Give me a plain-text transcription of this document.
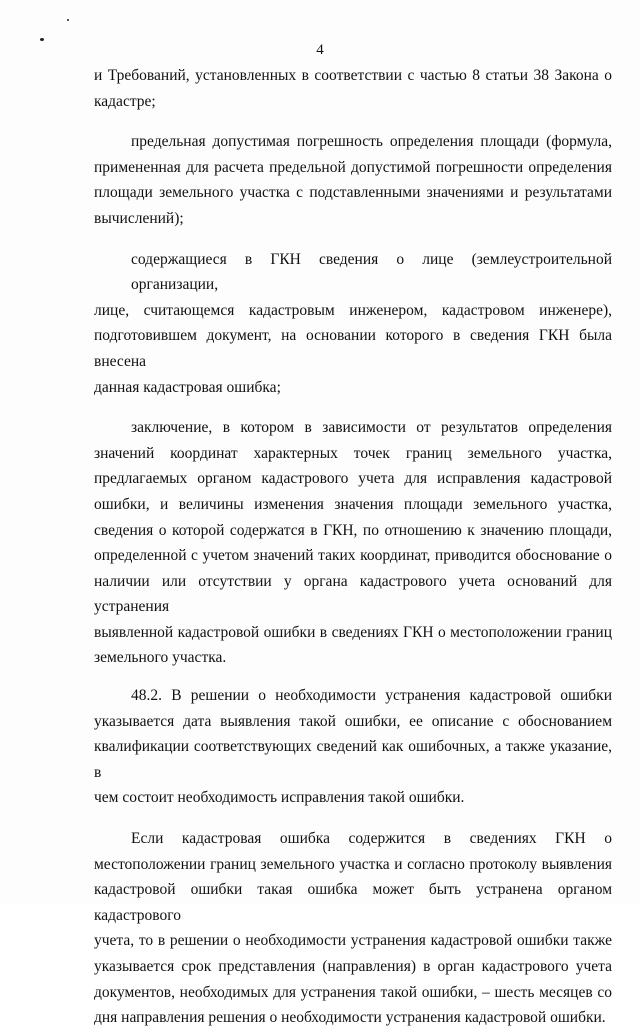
4

и Требований, установленных в соответствии с частью 8 статьи 38 Закона о
кадастре;

предельная допустимая погрешность определения площади (формула,
примененная для расчета предельной допустимой погрешности определения
площади земельного участка с подставленными значениями и результатами
вычислений);

содержащиеся в ГКН сведения о лице (землеустроительной организации,
лице, считающемся кадастровым инженером, кадастровом инженере),
подготовившем документ, на основании которого в сведения ГКН была внесена
данная кадастровая ошибка;

заключение, в котором в зависимости от результатов определения
значений координат характерных точек границ земельного участка,
предлагаемых органом кадастрового учета для исправления кадастровой
ошибки, и величины изменения значения площади земельного участка,
сведения о которой содержатся в ГКН, по отношению к значению площади,
определенной с учетом значений таких координат, приводится обоснование о
наличии или отсутствии у органа кадастрового учета оснований для устранения
выявленной кадастровой ошибки в сведениях ГКН о местоположении границ
земельного участка.

48.2. В решении о необходимости устранения кадастровой ошибки
указывается дата выявления такой ошибки, ее описание с обоснованием
квалификации соответствующих сведений как ошибочных, а также указание, в
чем состоит необходимость исправления такой ошибки.

Если кадастровая ошибка содержится в сведениях ГКН о
местоположении границ земельного участка и согласно протоколу выявления
кадастровой ошибки такая ошибка может быть устранена органом кадастрового
учета, то в решении о необходимости устранения кадастровой ошибки также
указывается срок представления (направления) в орган кадастрового учета
документов, необходимых для устранения такой ошибки, – шесть месяцев со
дня направления решения о необходимости устранения кадастровой ошибки.
